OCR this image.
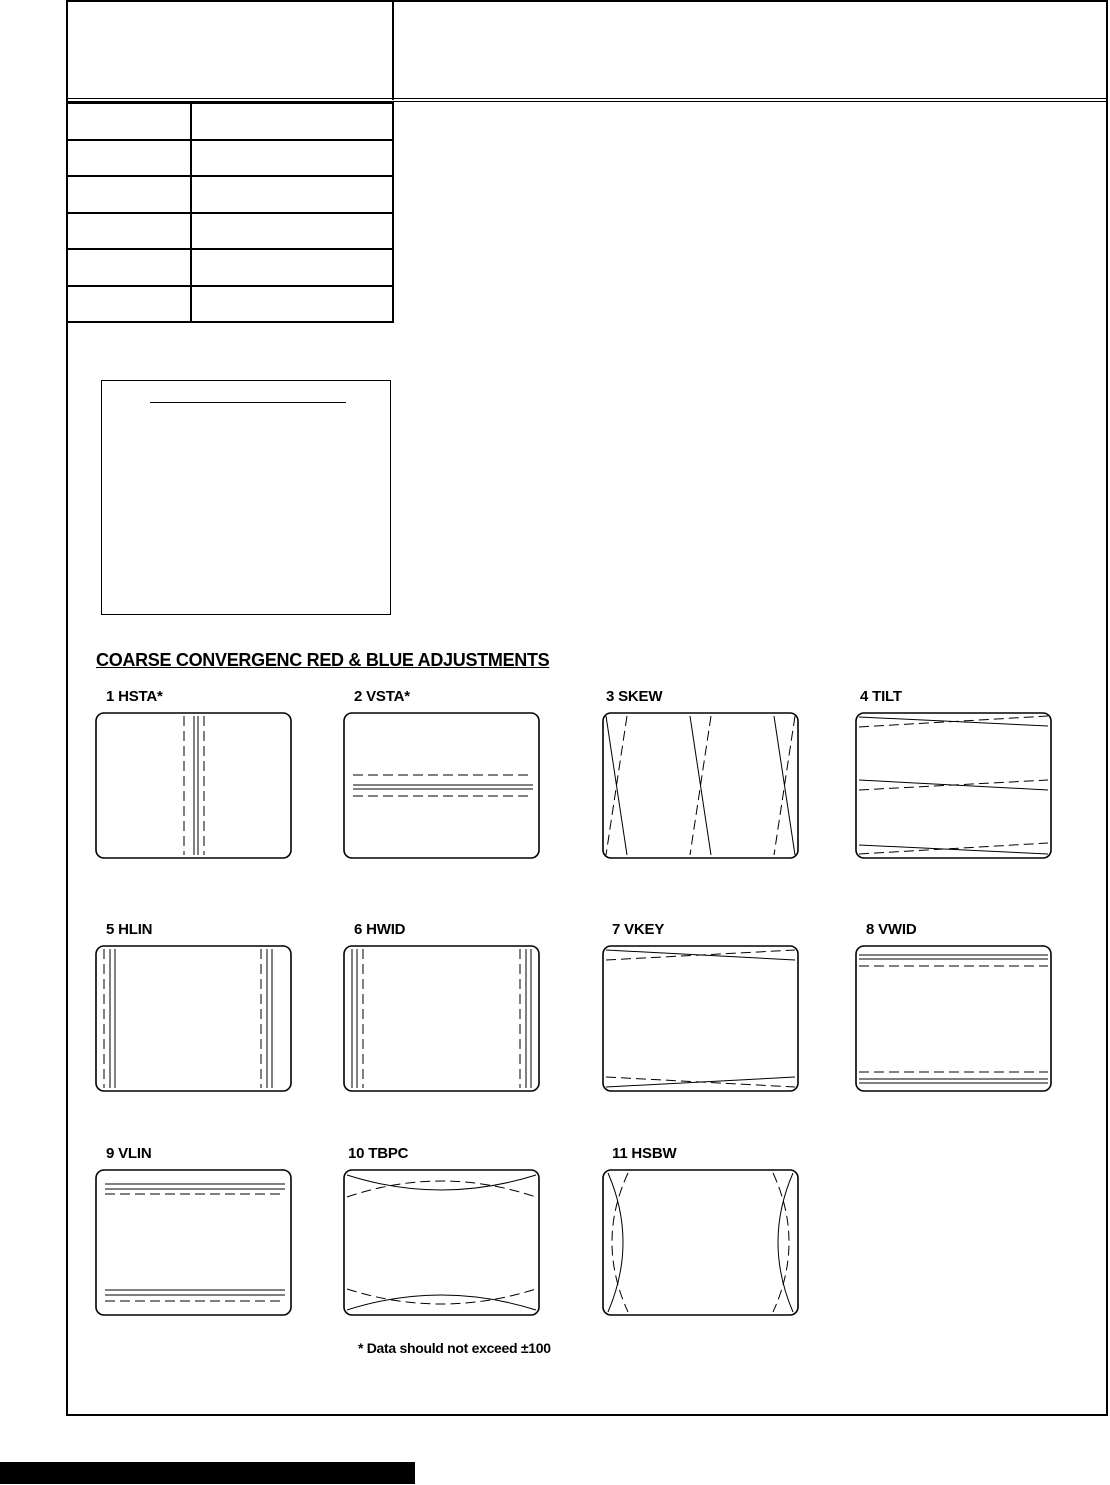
COARSE CONVERGENC RED & BLUE ADJUSTMENTS
1 HSTA*	2 VSTA*	3 SKEW	4 TILT
5 HLIN	6 HWID	7 VKEY	8 VWID
9 VLIN	10 TBPC	11 HSBW
* Data should not exceed ±100
